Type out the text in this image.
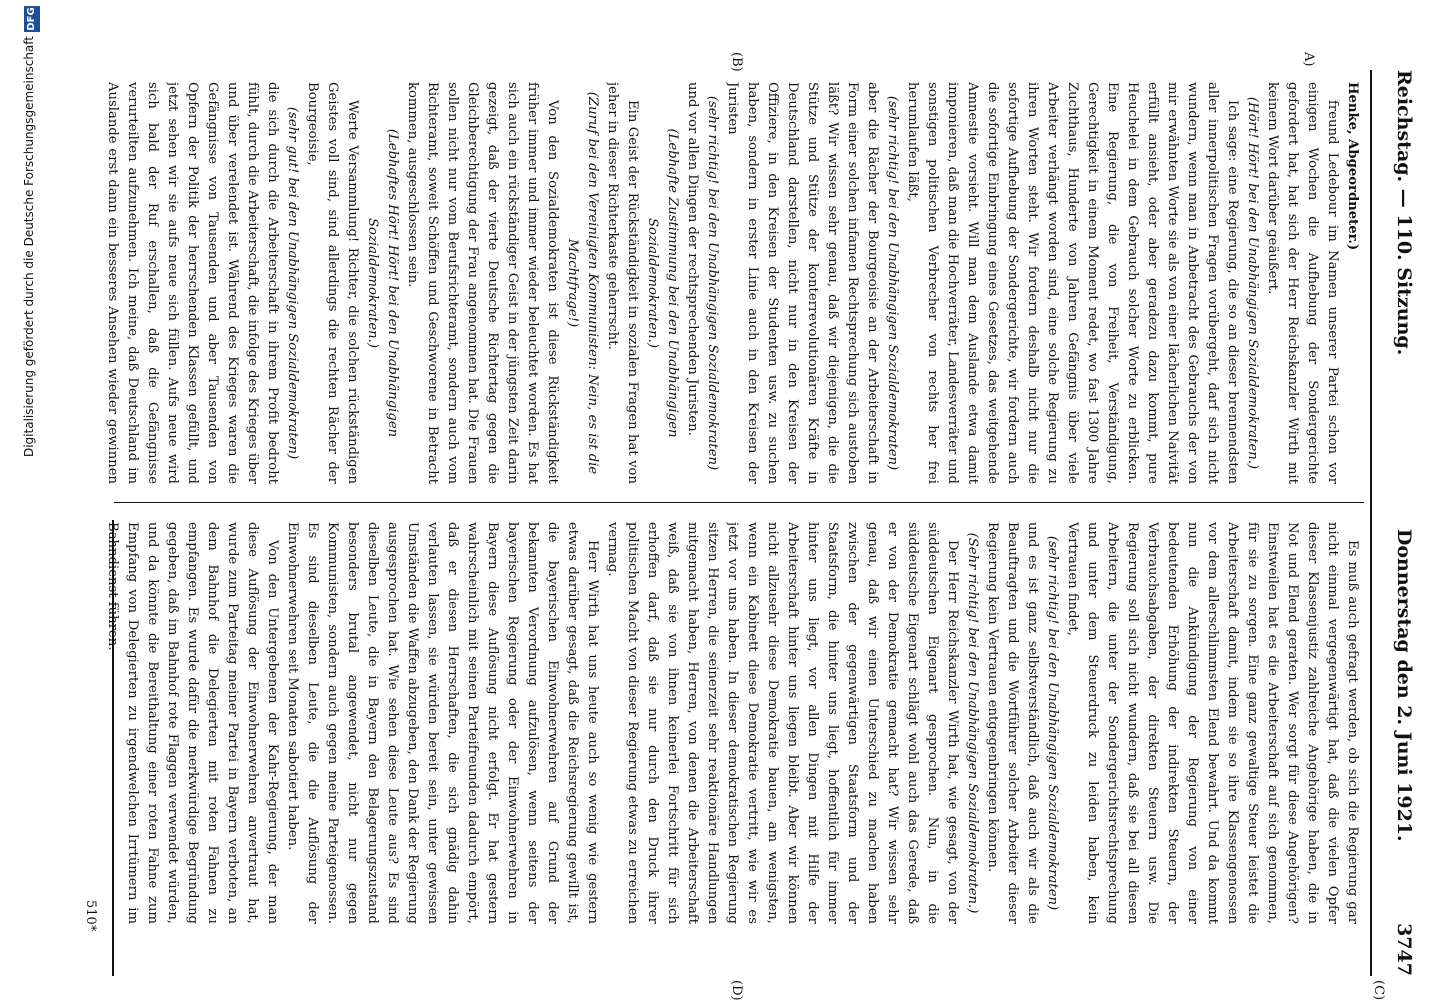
Reichstag. — 110. Sitzung.
Donnerstag den 2. Juni 1921.
3747
A)
(B)
(C)
(D)

Henke, Abgeordneter.)

freund Ledebour im Namen unserer Partei schon vor einigen Wochen die Aufhebung der Sondergerichte gefordert hat, hat sich der Herr Reichskanzler Wirth mit keinem Wort darüber geäußert.

(Hört! Hört! bei den Unabhängigen Sozialdemokraten.)

Ich sage: eine Regierung, die so an dieser brennendsten aller innerpolitischen Fragen vorübergeht, darf sich nicht wundern, wenn man in Anbetracht des Gebrauchs der von mir erwähnten Worte sie als von einer lächerlichen Naivität erfüllt ansieht, oder aber geradezu dazu kommt, pure Heuchelei in dem Gebrauch solcher Worte zu erblicken. Eine Regierung, die von Freiheit, Verständigung, Gerechtigkeit in einem Moment redet, wo fast 1300 Jahre Zuchthaus, Hunderte von Jahren Gefängnis über viele Arbeiter verhängt worden sind, eine solche Regierung zu ihren Worten steht. Wir fordern deshalb nicht nur die sofortige Aufhebung der Sondergerichte, wir fordern auch die sofortige Einbringung eines Gesetzes, das weitgehende Amnestie vorsieht. Will man dem Auslande etwa damit imponieren, daß man die Hochverräter, Landesverräter und sonstigen politischen Verbrecher von rechts her frei herumlaufen läßt,

(sehr richtig! bei den Unabhängigen Sozialdemokraten)

aber die Rächer der Bourgeoisie an der Arbeiterschaft in Form einer solchen infamen Rechtsprechung sich austoben läßt? Wir wissen sehr genau, daß wir diejenigen, die die Stütze und Stütze der konterrevolutionären Kräfte in Deutschland darstellen, nicht nur in den Kreisen der Offiziere, in den Kreisen der Studenten usw. zu suchen haben, sondern in erster Linie auch in den Kreisen der Juristen

(sehr richtig! bei den Unabhängigen Sozialdemokraten)

und vor allen Dingen der rechtsprechenden Juristen.

(Lebhafte Zustimmung bei den Unabhängigen Sozialdemokraten.)

Ein Geist der Rückständigkeit in sozialen Fragen hat von jeher in dieser Richterkaste geherrscht.

(Zuruf bei den Vereinigten Kommunisten: Nein, es ist die Machtfrage!)

Von den Sozialdemokraten ist diese Rückständigkeit früher immer und immer wieder beleuchtet worden. Es hat sich auch ein rückständiger Geist in der jüngsten Zeit darin gezeigt, daß der vierte Deutsche Richtertag gegen die Gleichberechtigung der Frau angenommen hat. Die Frauen sollen nicht nur vom Berufsrichteramt, sondern auch vom Richteramt, soweit Schöffen und Geschworene in Betracht kommen, ausgeschlossen sein.

(Lebhaftes Hört! Hört! bei den Unabhängigen Sozialdemokraten.)

Werte Versammlung! Richter, die solchen rückständigen Geistes voll sind, sind allerdings die rechten Rächer der Bourgeoisie,

(sehr gut! bei den Unabhängigen Sozialdemokraten)

die sich durch die Arbeiterschaft in ihrem Profit bedroht fühlt, durch die Arbeiterschaft, die infolge des Krieges über und über verelendet ist. Während des Krieges waren die Gefängnisse von Tausenden und aber Tausenden von Opfern der Politik der herrschenden Klassen gefüllt, und jetzt sehen wir sie aufs neue sich füllen. Aufs neue wird sich bald der Ruf erschallen, daß die Gefängnisse verurteilten aufzunehmen. Ich meine, daß Deutschland im Auslande erst dann ein besseres Ansehen wieder gewinnen

Es muß auch gefragt werden, ob sich die Regierung gar nicht einmal vergegenwärtigt hat, daß die vielen Opfer dieser Klassenjustiz zahlreiche Angehörige haben, die in Not und Elend geraten. Wer sorgt für diese Angehörigen? Einstweilen hat es die Arbeiterschaft auf sich genommen, für sie zu sorgen. Eine ganz gewaltige Steuer leistet die Arbeiterschaft damit, indem sie so ihre Klassengenossen vor dem allerschlimmsten Elend bewahrt. Und da kommt nun die Ankündigung der Regierung von einer bedeutenden Erhöhung der indirekten Steuern, der Verbrauchsabgaben, der direkten Steuern usw. Die Regierung soll sich nicht wundern, daß sie bei all diesen Arbeitern, die unter der Sondergerichtsrechtsprechung und unter dem Steuerdruck zu leiden haben, kein Vertrauen findet,

(sehr richtig! bei den Unabhängigen Sozialdemokraten)

und es ist ganz selbstverständlich, daß auch wir als die Beauftragten und die Wortführer solcher Arbeiter dieser Regierung kein Vertrauen entgegenbringen können.

(Sehr richtig! bei den Unabhängigen Sozialdemokraten.)

Der Herr Reichskanzler Wirth hat, wie gesagt, von der süddeutschen Eigenart gesprochen. Nun, in die süddeutsche Eigenart schlägt wohl auch das Gerede, daß er von der Demokratie gemacht hat? Wir wissen sehr genau, daß wir einen Unterschied zu machen haben zwischen der gegenwärtigen Staatsform und der Staatsform, die hinter uns liegt, hoffentlich für immer hinter uns liegt, vor allen Dingen mit Hilfe der Arbeiterschaft hinter uns liegen bleibt. Aber wir können nicht allzusehr diese Demokratie bauen, am wenigsten, wenn ein Kabinett diese Demokratie vertritt, wie wir es jetzt vor uns haben. In dieser demokratischen Regierung sitzen Herren, die seinerzeit sehr reaktionäre Handlungen mitgemacht haben, Herren, von denen die Arbeiterschaft weiß, daß sie von ihnen keinerlei Fortschritt für sich erhoffen darf, daß sie nur durch den Druck ihrer politischen Macht von dieser Regierung etwas zu erreichen vermag.

Herr Wirth hat uns heute auch so wenig wie gestern etwas darüber gesagt, daß die Reichsregierung gewillt ist, die bayerischen Einwohnerwehren auf Grund der bekannten Verordnung aufzulösen, wenn seitens der bayerischen Regierung oder der Einwohnerwehren in Bayern diese Auflösung nicht erfolgt. Er hat gestern wahrscheinlich mit seinen Parteifreunden dadurch empört, daß er diesen Herrschaften, die sich gnädig dahin verlauten lassen, sie würden bereit sein, unter gewissen Umständen die Waffen abzugeben, den Dank der Regierung ausgesprochen hat. Wie sehen diese Leute aus? Es sind dieselben Leute, die in Bayern den Belagerungszustand besonders brutal angewendet, nicht nur gegen Kommunisten, sondern auch gegen meine Parteigenossen. Es sind dieselben Leute, die die Auflösung der Einwohnerwehren seit Monaten sabotiert haben.

Von den Untergebenen der Kahr-Regierung, der man diese Auflösung der Einwohnerwehren anvertraut hat, wurde zum Parteitag meiner Partei in Bayern verboten, an dem Bahnhof die Delegierten mit roten Fahnen zu empfangen. Es wurde dafür die merkwürdige Begründung gegeben, daß im Bahnhof rote Flaggen verwendet würden, und da könnte die Bereithaltung einer roten Fahne zum Empfang von Delegierten zu irgendwelchen Irrtümern im Bahndienst führen.

510*
DFG
Digitalisierung gefördert durch die Deutsche Forschungsgemeinschaft
